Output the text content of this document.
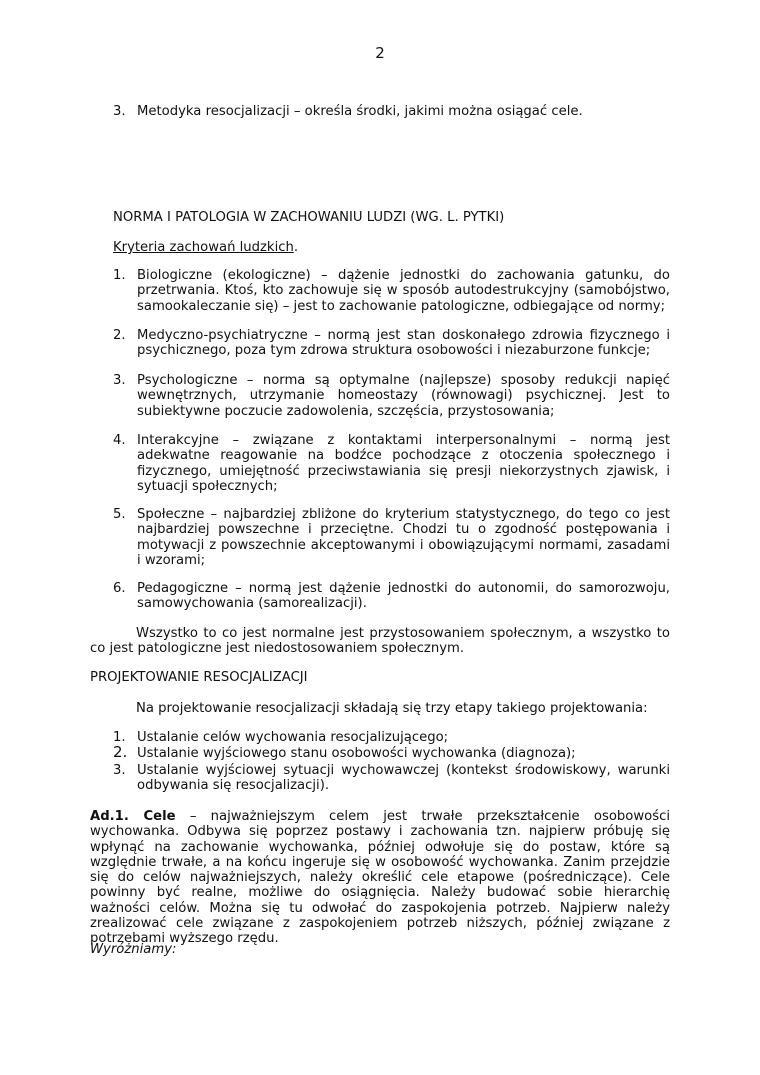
2
3. Metodyka resocjalizacji – określa środki, jakimi można osiągać cele.
NORMA I PATOLOGIA W ZACHOWANIU LUDZI (WG. L. PYTKI)
Kryteria zachowań ludzkich.
1. Biologiczne (ekologiczne) – dążenie jednostki do zachowania gatunku, do przetrwania. Ktoś, kto zachowuje się w sposób autodestrukcyjny (samobójstwo, samookaleczanie się) – jest to zachowanie patologiczne, odbiegające od normy;
2. Medyczno-psychiatryczne – normą jest stan doskonałego zdrowia fizycznego i psychicznego, poza tym zdrowa struktura osobowości i niezaburzone funkcje;
3. Psychologiczne – norma są optymalne (najlepsze) sposoby redukcji napięć wewnętrznych, utrzymanie homeostazy (równowagi) psychicznej. Jest to subiektywne poczucie zadowolenia, szczęścia, przystosowania;
4. Interakcyjne – związane z kontaktami interpersonalnymi – normą jest adekwatne reagowanie na bodźce pochodzące z otoczenia społecznego i fizycznego, umiejętność przeciwstawiania się presji niekorzystnych zjawisk, i sytuacji społecznych;
5. Społeczne – najbardziej zbliżone do kryterium statystycznego, do tego co jest najbardziej powszechne i przeciętne. Chodzi tu o zgodność postępowania i motywacji z powszechnie akceptowanymi i obowiązującymi normami, zasadami i wzorami;
6. Pedagogiczne – normą jest dążenie jednostki do autonomii, do samorozwoju, samowychowania (samorealizacji).
Wszystko to co jest normalne jest przystosowaniem społecznym, a wszystko to co jest patologiczne jest niedostosowaniem społecznym.
PROJEKTOWANIE RESOCJALIZACJI
Na projektowanie resocjalizacji składają się trzy etapy takiego projektowania:
1. Ustalanie celów wychowania resocjalizującego;
2. Ustalanie wyjściowego stanu osobowości wychowanka (diagnoza);
3. Ustalanie wyjściowej sytuacji wychowawczej (kontekst środowiskowy, warunki odbywania się resocjalizacji).
Ad.1. Cele – najważniejszym celem jest trwałe przekształcenie osobowości wychowanka. Odbywa się poprzez postawy i zachowania tzn. najpierw próbuję się wpłynąć na zachowanie wychowanka, później odwołuje się do postaw, które są względnie trwałe, a na końcu ingeruje się w osobowość wychowanka. Zanim przejdzie się do celów najważniejszych, należy określić cele etapowe (pośredniczące). Cele powinny być realne, możliwe do osiągnięcia. Należy budować sobie hierarchię ważności celów. Można się tu odwołać do zaspokojenia potrzeb. Najpierw należy zrealizować cele związane z zaspokojeniem potrzeb niższych, później związane z potrzebami wyższego rzędu.
Wyróżniamy:
